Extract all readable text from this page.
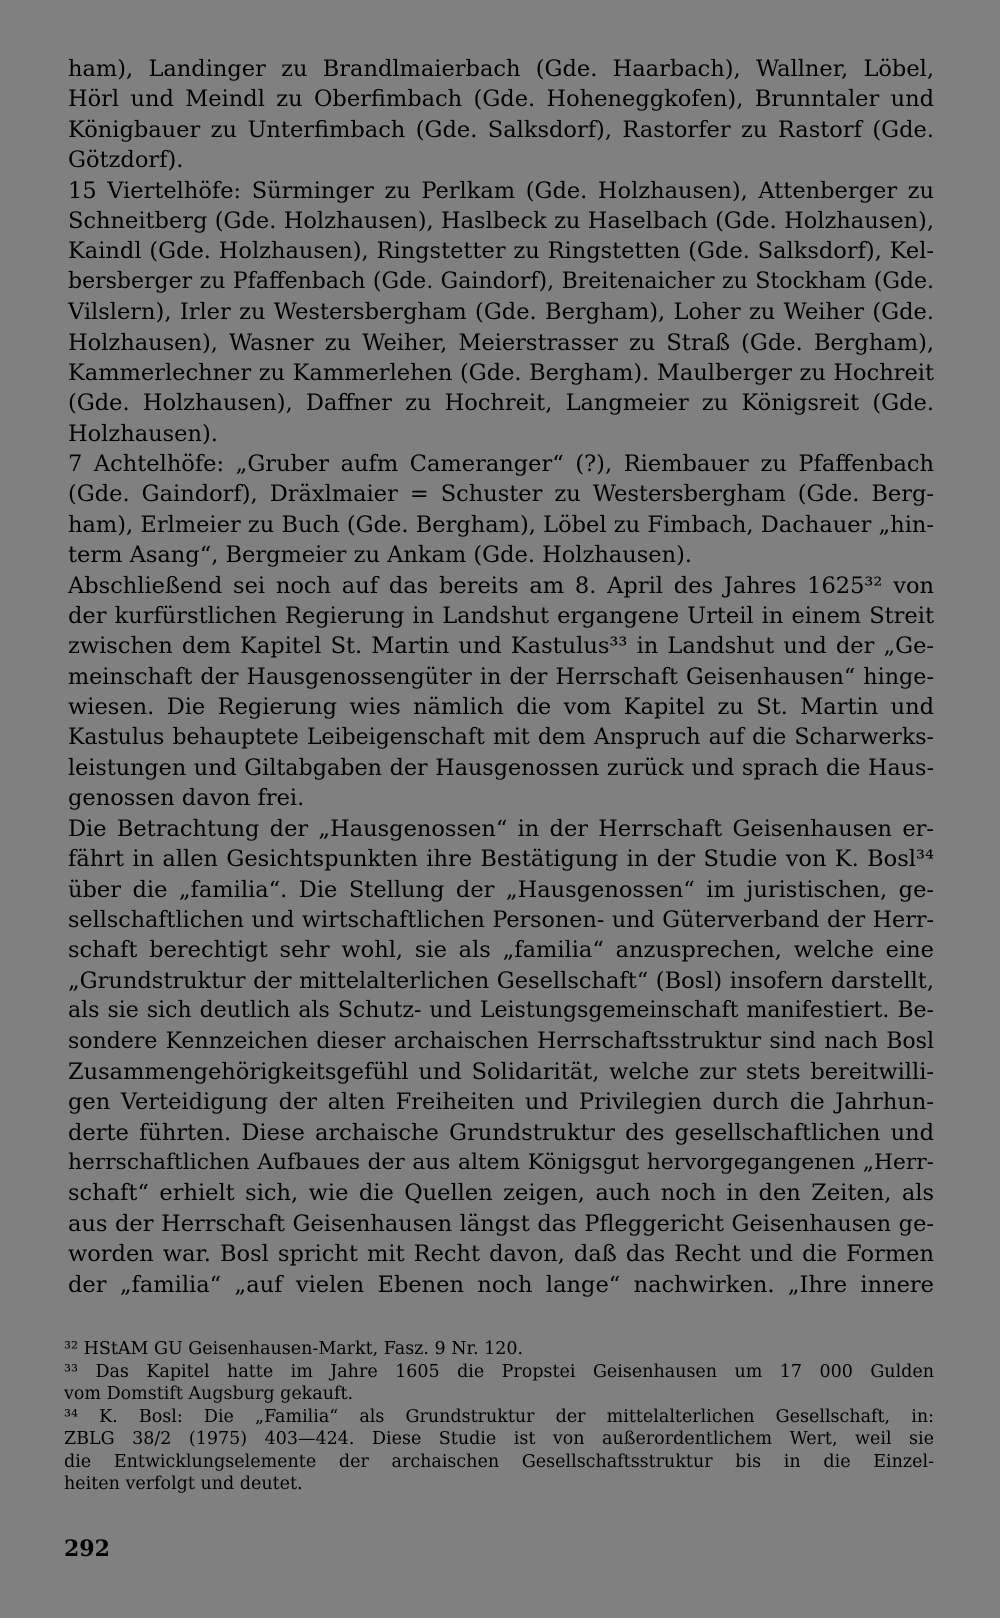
ham), Landinger zu Brandlmaierbach (Gde. Haarbach), Wallner, Löbel,
Hörl und Meindl zu Oberfimbach (Gde. Hoheneggkofen), Brunntaler und
Königbauer zu Unterfimbach (Gde. Salksdorf), Rastorfer zu Rastorf (Gde.
Götzdorf).
15 Viertelhöfe: Sürminger zu Perlkam (Gde. Holzhausen), Attenberger zu
Schneitberg (Gde. Holzhausen), Haslbeck zu Haselbach (Gde. Holzhausen),
Kaindl (Gde. Holzhausen), Ringstetter zu Ringstetten (Gde. Salksdorf), Kel-
bersberger zu Pfaffenbach (Gde. Gaindorf), Breitenaicher zu Stockham (Gde.
Vilslern), Irler zu Westersbergham (Gde. Bergham), Loher zu Weiher (Gde.
Holzhausen), Wasner zu Weiher, Meierstrasser zu Straß (Gde. Bergham),
Kammerlechner zu Kammerlehen (Gde. Bergham). Maulberger zu Hochreit
(Gde. Holzhausen), Daffner zu Hochreit, Langmeier zu Königsreit (Gde.
Holzhausen).
7 Achtelhöfe: „Gruber aufm Cameranger“ (?), Riembauer zu Pfaffenbach
(Gde. Gaindorf), Dräxlmaier = Schuster zu Westersbergham (Gde. Berg-
ham), Erlmeier zu Buch (Gde. Bergham), Löbel zu Fimbach, Dachauer „hin-
term Asang“, Bergmeier zu Ankam (Gde. Holzhausen).
Abschließend sei noch auf das bereits am 8. April des Jahres 1625³² von
der kurfürstlichen Regierung in Landshut ergangene Urteil in einem Streit
zwischen dem Kapitel St. Martin und Kastulus³³ in Landshut und der „Ge-
meinschaft der Hausgenossengüter in der Herrschaft Geisenhausen“ hinge-
wiesen. Die Regierung wies nämlich die vom Kapitel zu St. Martin und
Kastulus behauptete Leibeigenschaft mit dem Anspruch auf die Scharwerks-
leistungen und Giltabgaben der Hausgenossen zurück und sprach die Haus-
genossen davon frei.
Die Betrachtung der „Hausgenossen“ in der Herrschaft Geisenhausen er-
fährt in allen Gesichtspunkten ihre Bestätigung in der Studie von K. Bosl³⁴
über die „familia“. Die Stellung der „Hausgenossen“ im juristischen, ge-
sellschaftlichen und wirtschaftlichen Personen- und Güterverband der Herr-
schaft berechtigt sehr wohl, sie als „familia“ anzusprechen, welche eine
„Grundstruktur der mittelalterlichen Gesellschaft“ (Bosl) insofern darstellt,
als sie sich deutlich als Schutz- und Leistungsgemeinschaft manifestiert. Be-
sondere Kennzeichen dieser archaischen Herrschaftsstruktur sind nach Bosl
Zusammengehörigkeitsgefühl und Solidarität, welche zur stets bereitwilli-
gen Verteidigung der alten Freiheiten und Privilegien durch die Jahrhun-
derte führten. Diese archaische Grundstruktur des gesellschaftlichen und
herrschaftlichen Aufbaues der aus altem Königsgut hervorgegangenen „Herr-
schaft“ erhielt sich, wie die Quellen zeigen, auch noch in den Zeiten, als
aus der Herrschaft Geisenhausen längst das Pfleggericht Geisenhausen ge-
worden war. Bosl spricht mit Recht davon, daß das Recht und die Formen
der „familia“ „auf vielen Ebenen noch lange“ nachwirken. „Ihre innere
³² HStAM GU Geisenhausen-Markt, Fasz. 9 Nr. 120.
³³ Das Kapitel hatte im Jahre 1605 die Propstei Geisenhausen um 17 000 Gulden
vom Domstift Augsburg gekauft.
³⁴ K. Bosl: Die „Familia“ als Grundstruktur der mittelalterlichen Gesellschaft, in:
ZBLG 38/2 (1975) 403—424. Diese Studie ist von außerordentlichem Wert, weil sie
die Entwicklungselemente der archaischen Gesellschaftsstruktur bis in die Einzel-
heiten verfolgt und deutet.
292
